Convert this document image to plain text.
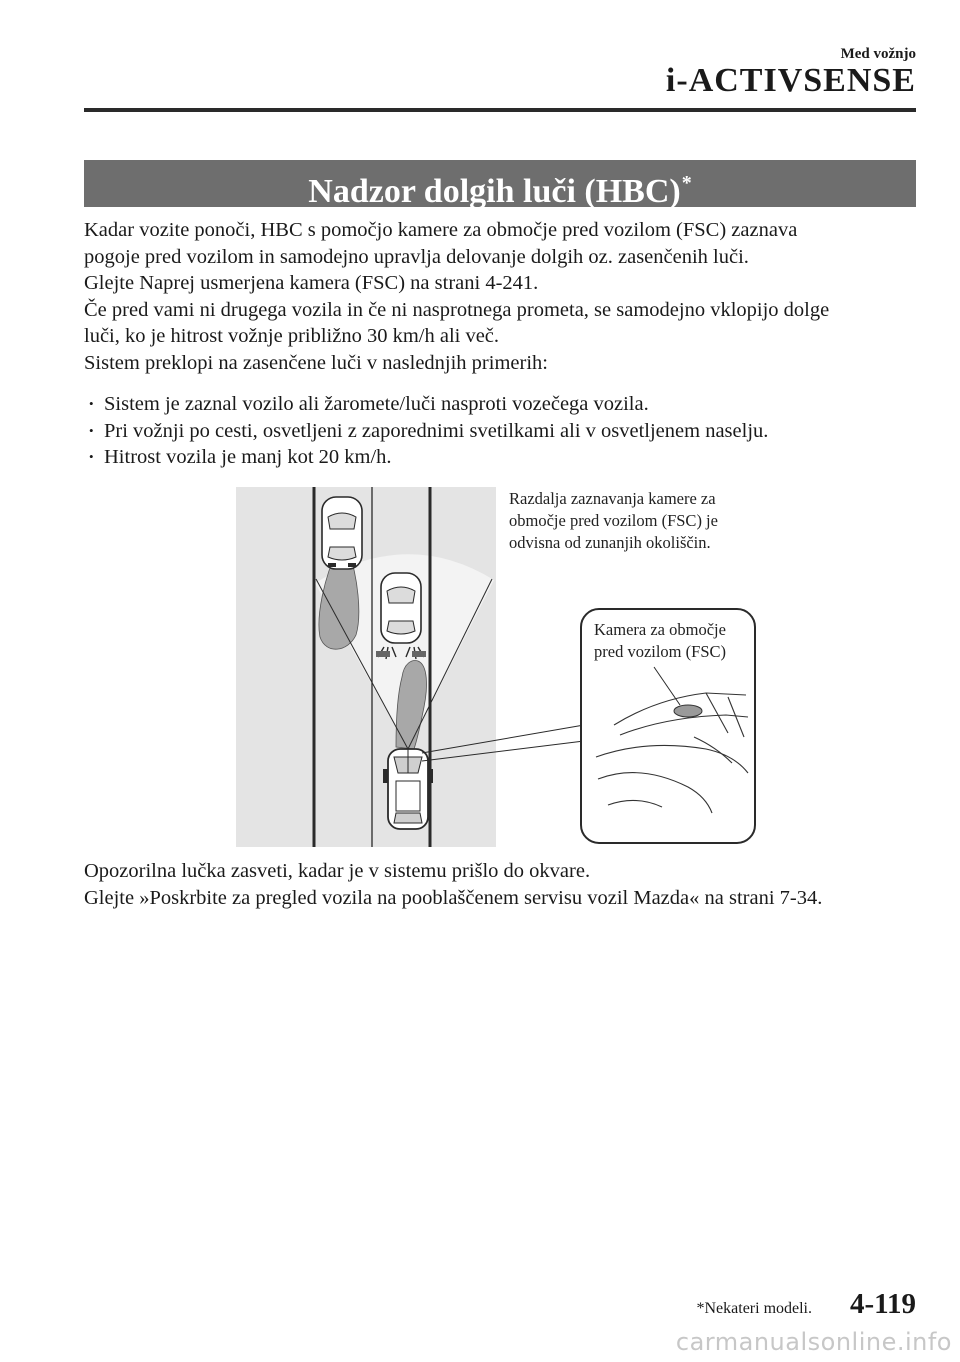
Med vožnjo
i-ACTIVSENSE
Nadzor dolgih luči (HBC)*

Kadar vozite ponoči, HBC s pomočjo kamere za območje pred vozilom (FSC) zaznava

pogoje pred vozilom in samodejno upravlja delovanje dolgih oz. zasenčenih luči.

Glejte Naprej usmerjena kamera (FSC) na strani 4-241.

Če pred vami ni drugega vozila in če ni nasprotnega prometa, se samodejno vklopijo dolge

luči, ko je hitrost vožnje približno 30 km/h ali več.

Sistem preklopi na zasenčene luči v naslednjih primerih:

• Sistem je zaznal vozilo ali žaromete/luči nasproti vozečega vozila.
• Pri vožnji po cesti, osvetljeni z zaporednimi svetilkami ali v osvetljenem naselju.
• Hitrost vozila je manj kot 20 km/h.
Razdalja zaznavanja kamere za
območje pred vozilom (FSC) je
odvisna od zunanjih okoliščin.
Kamera za območje
pred vozilom (FSC)

Opozorilna lučka zasveti, kadar je v sistemu prišlo do okvare.

Glejte »Poskrbite za pregled vozila na pooblaščenem servisu vozil Mazda« na strani 7-34.

*Nekateri modeli. 4-119
carmanualsonline.info
